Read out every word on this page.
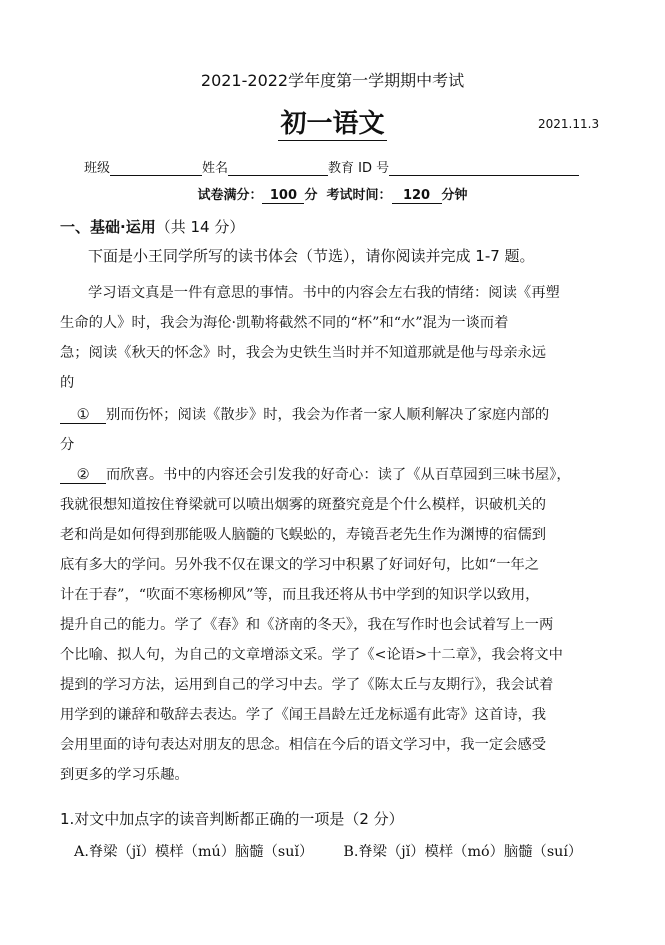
2021-2022学年度第一学期期中考试
初一语文	2021.11.3
班级	姓名	教育 ID 号
试卷满分： 100 分 考试时间： 120 分钟
一、基础·运用（共 14 分）
下面是小王同学所写的读书体会（节选），请你阅读并完成 1-7 题。
学习语文真是一件有意思的事情。书中的内容会左右我的情绪：阅读《再塑
生命的人》时，我会为海伦·凯勒将截然不同的“杯”和“水”混为一谈而着
急；阅读《秋天的怀念》时，我会为史铁生当时并不知道那就是他与母亲永远
的
① 别而伤怀；阅读《散步》时，我会为作者一家人顺利解决了家庭内部的
分
② 而欣喜。书中的内容还会引发我的好奇心：读了《从百草园到三味书屋》，
我就很想知道按住脊梁就可以喷出烟雾的斑蝥究竟是个什么模样，识破机关的
老和尚是如何得到那能吸人脑髓的飞蜈蚣的，寿镜吾老先生作为渊博的宿儒到
底有多大的学问。另外我不仅在课文的学习中积累了好词好句，比如“一年之
计在于春”，“吹面不寒杨柳风”等，而且我还将从书中学到的知识学以致用，
提升自己的能力。学了《春》和《济南的冬天》，我在写作时也会试着写上一两
个比喻、拟人句，为自己的文章增添文采。学了《<论语>十二章》，我会将文中
提到的学习方法，运用到自己的学习中去。学了《陈太丘与友期行》，我会试着
用学到的谦辞和敬辞去表达。学了《闻王昌龄左迁龙标遥有此寄》这首诗，我
会用里面的诗句表达对朋友的思念。相信在今后的语文学习中，我一定会感受
到更多的学习乐趣。
1.对文中加点字的读音判断都正确的一项是（2 分）
A.脊梁（jǐ）模样（mú）脑髓（suǐ） B.脊梁（jǐ）模样（mó）脑髓（suí）
